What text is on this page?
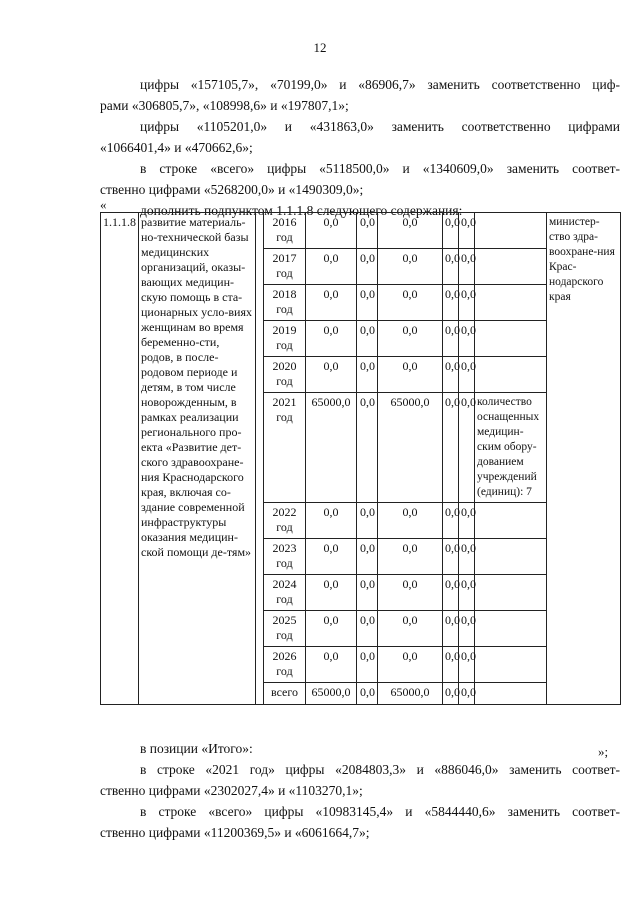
12
цифры «157105,7», «70199,0» и «86906,7» заменить соответственно циф-
рами «306805,7», «108998,6» и «197807,1»;
цифры «1105201,0» и «431863,0» заменить соответственно цифрами
«1066401,4» и «470662,6»;
в строке «всего» цифры «5118500,0» и «1340609,0» заменить соответ-
ственно цифрами «5268200,0» и «1490309,0»;
дополнить подпунктом 1.1.1.8 следующего содержания:
«
1.1.1.8	развитие материаль-но-технической базы медицинских организаций, оказы-вающих медицин-скую помощь в ста-ционарных усло-виях женщинам во время беременно-сти, родов, в после-родовом периоде и детям, в том числе новорожденным, в рамках реализации регионального про-екта «Развитие дет-ского здравоохране-ния Краснодарского края, включая со-здание современной инфраструктуры оказания медицин-ской помощи де-тям»		2016 год	0,0	0,0	0,0	0,0	0,0		министер-ство здра-воохране-ния Крас-нодарского края
			2017 год	0,0	0,0	0,0	0,0	0,0		
			2018 год	0,0	0,0	0,0	0,0	0,0		
			2019 год	0,0	0,0	0,0	0,0	0,0		
			2020 год	0,0	0,0	0,0	0,0	0,0		
			2021 год	65000,0	0,0	65000,0	0,0	0,0	количество оснащенных медицин-ским обору-дованием учреждений (единиц): 7	
			2022 год	0,0	0,0	0,0	0,0	0,0		
			2023 год	0,0	0,0	0,0	0,0	0,0		
			2024 год	0,0	0,0	0,0	0,0	0,0		
			2025 год	0,0	0,0	0,0	0,0	0,0		
			2026 год	0,0	0,0	0,0	0,0	0,0		
			всего	65000,0	0,0	65000,0	0,0	0,0		
»;
в позиции «Итого»:
в строке «2021 год» цифры «2084803,3» и «886046,0» заменить соответ-
ственно цифрами «2302027,4» и «1103270,1»;
в строке «всего» цифры «10983145,4» и «5844440,6» заменить соответ-
ственно цифрами «11200369,5» и «6061664,7»;
